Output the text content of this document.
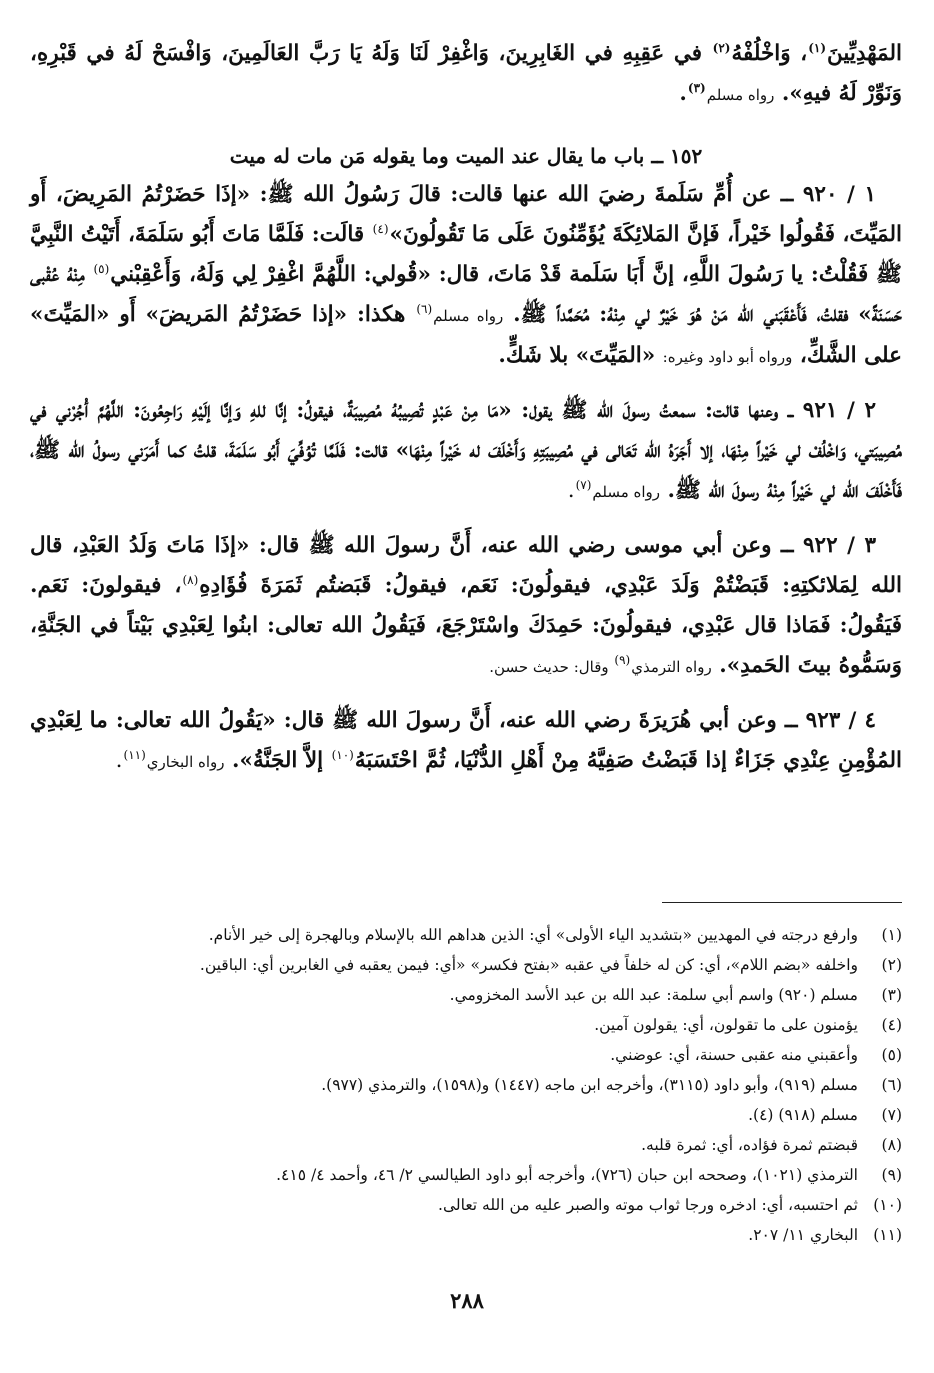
المَهْدِيِّينَ$^{(١)}$، وَاخْلُفْهُ$^{(٢)}$ في عَقِبِهِ في الغَابِرِينَ، وَاغْفِرْ لَنَا وَلَهُ يَا رَبَّ العَالَمِينَ، وَافْسَحْ لَهُ في قَبْرِهِ، وَنَوِّرْ لَهُ فيهِ». رواه مسلم$^{(٣)}$.

١٥٢ ــ باب ما يقال عند الميت وما يقوله مَن مات له ميت

١ / ٩٢٠ ــ عن أُمِّ سَلَمةَ رضيَ الله عنها قالت: قالَ رَسُولُ الله ﷺ: «إذَا حَضَرْتُمُ المَرِيضَ، أَو المَيِّتَ، فَقُولُوا خَيْراً، فَإنَّ المَلائِكَةَ يُؤَمِّنُونَ عَلَى مَا تَقُولُونَ»$^{(٤)}$ قالَت: فَلَمَّا مَاتَ أَبُو سَلَمَةَ، أَتَيْتُ النَّبِيَّ ﷺ فَقُلْتُ: يا رَسُولَ اللَّهِ، إنَّ أَبَا سَلَمة قَدْ مَاتَ، قال: «قُولي: اللَّهُمَّ اغْفِرْ لِي وَلَهُ، وَأَعْقِبْني$^{(٥)}$ مِنْهُ عُقْبى حَسَنَةً» فقلتُ، فَأَعْقَبَني الله مَنْ هُوَ خَيْرٌ لي مِنْهُ: مُحَمَّداً ﷺ. رواه مسلم$^{(٦)}$ هكذا: «إذا حَضَرْتُمُ المَريضَ» أَو «المَيِّتَ» على الشَّكِّ، ورواه أبو داود وغيره: «المَيِّتَ» بلا شَكٍّ.

٢ / ٩٢١ ــ وعنها قالت: سمعتُ رسولَ الله ﷺ يقول: «مَا مِنْ عَبْدٍ تُصِيبُهُ مُصِيبَةٌ، فيقولُ: إنَّا للهِ وَإنَّا إلَيْهِ رَاجِعُونَ: اللَّهُمَّ أْجُرْني في مُصِيبَتي، وَاخْلُفْ لي خَيْراً مِنْهَا، إلا أَجَرَهُ الله تَعَالى في مُصِيبَتِهِ وَأَخْلَفَ له خَيْراً مِنْهَا» قالت: فَلَمَّا تُوُفِّيَ أَبُو سَلَمَةَ، قلتُ كما أَمَرَني رسولُ الله ﷺ، فَأَخْلَفَ الله لي خَيْراً مِنْهُ رسولَ الله ﷺ. رواه مسلم$^{(٧)}$.

٣ / ٩٢٢ ــ وعن أبي موسى رضي الله عنه، أَنَّ رسولَ الله ﷺ قال: «إذَا مَاتَ وَلَدُ العَبْدِ، قال الله لِمَلائكتِهِ: قَبَضْتُمْ وَلَدَ عَبْدِي، فيقولُونَ: نَعَم، فيقولُ: قَبَضتُم ثَمَرَةَ فُؤَادِهِ$^{(٨)}$، فيقولونَ: نَعَم. فَيَقُولُ: فَمَاذا قال عَبْدِي، فيقولُونَ: حَمِدَكَ واسْتَرْجَعَ، فَيَقُولُ الله تعالى: ابنُوا لِعَبْدِي بَيْتاً في الجَنَّةِ، وَسَمُّوهُ بيتَ الحَمدِ». رواه الترمذي$^{(٩)}$ وقال: حديث حسن.

٤ / ٩٢٣ ــ وعن أبي هُرَيرَةَ رضي الله عنه، أَنَّ رسولَ الله ﷺ قال: «يَقُولُ الله تعالى: ما لِعَبْدِي المُؤْمِنِ عِنْدِي جَزَاءٌ إذا قَبَضْتُ صَفِيَّهُ مِنْ أَهْلِ الدُّنْيَا، ثُمَّ احْتَسَبَهُ$^{(١٠)}$ إلاَّ الجَنَّةُ». رواه البخاري$^{(١١)}$.

(١)
وارفع درجته في المهديين «بتشديد الياء الأولى» أي: الذين هداهم الله بالإسلام وبالهجرة إلى خير الأنام.
(٢)
واخلفه «بضم اللام»، أي: كن له خلفاً في عقبه «بفتح فكسر» «أي: فيمن يعقبه في الغابرين أي: الباقين.
(٣)
مسلم (٩٢٠) واسم أبي سلمة: عبد الله بن عبد الأسد المخزومي.
(٤)
يؤمنون على ما تقولون، أي: يقولون آمين.
(٥)
وأعقبني منه عقبى حسنة، أي: عوضني.
(٦)
مسلم (٩١٩)، وأبو داود (٣١١٥)، وأخرجه ابن ماجه (١٤٤٧) و(١٥٩٨)، والترمذي (٩٧٧).
(٧)
مسلم (٩١٨) (٤).
(٨)
قبضتم ثمرة فؤاده، أي: ثمرة قلبه.
(٩)
الترمذي (١٠٢١)، وصححه ابن حبان (٧٢٦)، وأخرجه أبو داود الطيالسي ٢/ ٤٦، وأحمد ٤/ ٤١٥.
(١٠)
ثم احتسبه، أي: ادخره ورجا ثواب موته والصبر عليه من الله تعالى.
(١١)
البخاري ١١/ ٢٠٧.
٢٨٨
